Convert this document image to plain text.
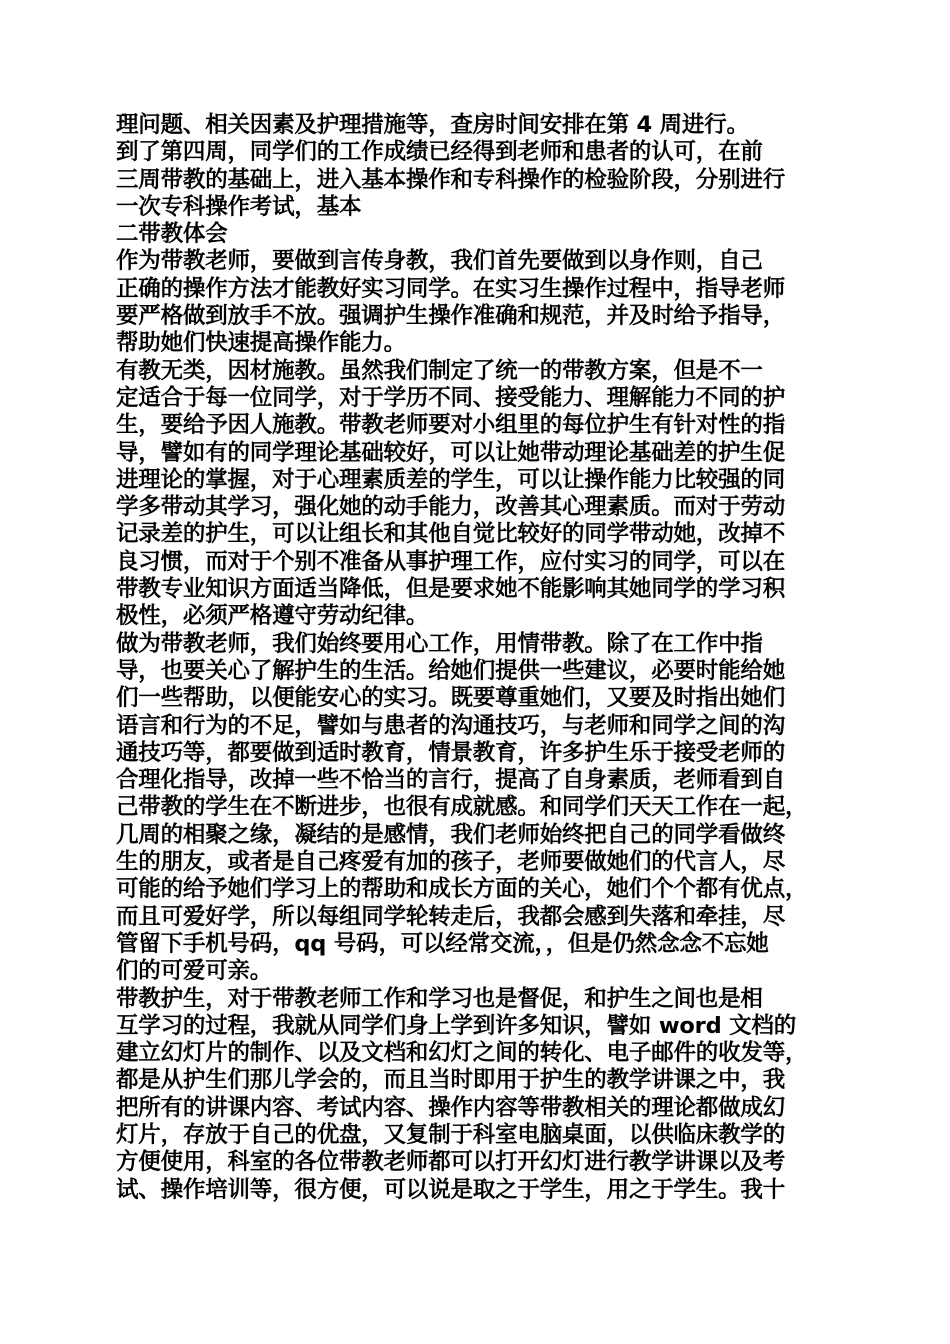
理问题、相关因素及护理措施等，查房时间安排在第 4 周进行。
到了第四周，同学们的工作成绩已经得到老师和患者的认可，在前
三周带教的基础上，进入基本操作和专科操作的检验阶段，分别进行
一次专科操作考试，基本
二带教体会
作为带教老师，要做到言传身教，我们首先要做到以身作则，自己
正确的操作方法才能教好实习同学。在实习生操作过程中，指导老师
要严格做到放手不放。强调护生操作准确和规范，并及时给予指导，
帮助她们快速提高操作能力。
有教无类，因材施教。虽然我们制定了统一的带教方案，但是不一
定适合于每一位同学，对于学历不同、接受能力、理解能力不同的护
生，要给予因人施教。带教老师要对小组里的每位护生有针对性的指
导，譬如有的同学理论基础较好，可以让她带动理论基础差的护生促
进理论的掌握，对于心理素质差的学生，可以让操作能力比较强的同
学多带动其学习，强化她的动手能力，改善其心理素质。而对于劳动
记录差的护生，可以让组长和其他自觉比较好的同学带动她，改掉不
良习惯，而对于个别不准备从事护理工作，应付实习的同学，可以在
带教专业知识方面适当降低，但是要求她不能影响其她同学的学习积
极性，必须严格遵守劳动纪律。
做为带教老师，我们始终要用心工作，用情带教。除了在工作中指
导，也要关心了解护生的生活。给她们提供一些建议，必要时能给她
们一些帮助，以便能安心的实习。既要尊重她们，又要及时指出她们
语言和行为的不足，譬如与患者的沟通技巧，与老师和同学之间的沟
通技巧等，都要做到适时教育，情景教育，许多护生乐于接受老师的
合理化指导，改掉一些不恰当的言行，提高了自身素质，老师看到自
己带教的学生在不断进步，也很有成就感。和同学们天天工作在一起，
几周的相聚之缘，凝结的是感情，我们老师始终把自己的同学看做终
生的朋友，或者是自己疼爱有加的孩子，老师要做她们的代言人，尽
可能的给予她们学习上的帮助和成长方面的关心，她们个个都有优点，
而且可爱好学，所以每组同学轮转走后，我都会感到失落和牵挂，尽
管留下手机号码，qq 号码，可以经常交流，，但是仍然念念不忘她
们的可爱可亲。
带教护生，对于带教老师工作和学习也是督促，和护生之间也是相
互学习的过程，我就从同学们身上学到许多知识，譬如 word 文档的
建立幻灯片的制作、以及文档和幻灯之间的转化、电子邮件的收发等，
都是从护生们那儿学会的，而且当时即用于护生的教学讲课之中，我
把所有的讲课内容、考试内容、操作内容等带教相关的理论都做成幻
灯片，存放于自己的优盘，又复制于科室电脑桌面，以供临床教学的
方便使用，科室的各位带教老师都可以打开幻灯进行教学讲课以及考
试、操作培训等，很方便，可以说是取之于学生，用之于学生。我十
